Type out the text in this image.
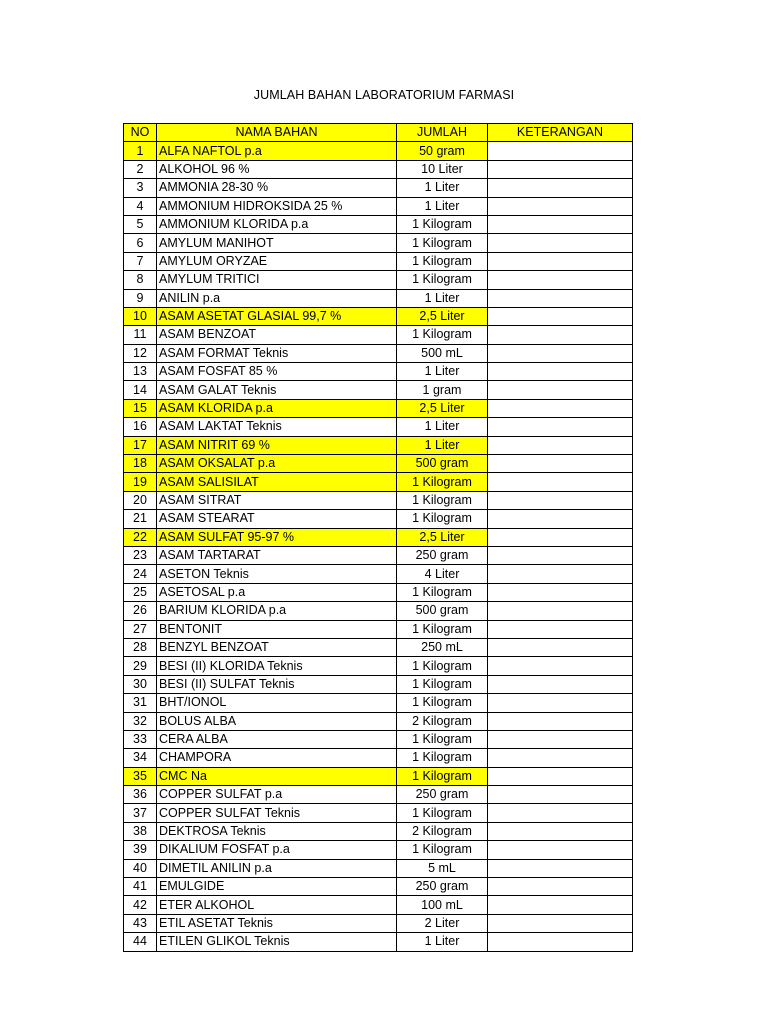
JUMLAH BAHAN LABORATORIUM FARMASI
NO	NAMA BAHAN	JUMLAH	KETERANGAN
1	ALFA NAFTOL p.a	50 gram	
2	ALKOHOL 96 %	10 Liter	
3	AMMONIA 28-30 %	1 Liter	
4	AMMONIUM HIDROKSIDA 25 %	1 Liter	
5	AMMONIUM KLORIDA p.a	1 Kilogram	
6	AMYLUM MANIHOT	1 Kilogram	
7	AMYLUM ORYZAE	1 Kilogram	
8	AMYLUM TRITICI	1 Kilogram	
9	ANILIN p.a	1 Liter	
10	ASAM ASETAT GLASIAL 99,7 %	2,5 Liter	
11	ASAM BENZOAT	1 Kilogram	
12	ASAM FORMAT Teknis	500 mL	
13	ASAM FOSFAT 85 %	1 Liter	
14	ASAM GALAT Teknis	1 gram	
15	ASAM KLORIDA p.a	2,5 Liter	
16	ASAM LAKTAT Teknis	1 Liter	
17	ASAM NITRIT 69 %	1 Liter	
18	ASAM OKSALAT p.a	500 gram	
19	ASAM SALISILAT	1 Kilogram	
20	ASAM SITRAT	1 Kilogram	
21	ASAM STEARAT	1 Kilogram	
22	ASAM SULFAT 95-97 %	2,5 Liter	
23	ASAM TARTARAT	250 gram	
24	ASETON Teknis	4 Liter	
25	ASETOSAL p.a	1 Kilogram	
26	BARIUM KLORIDA p.a	500 gram	
27	BENTONIT	1 Kilogram	
28	BENZYL BENZOAT	250 mL	
29	BESI (II) KLORIDA Teknis	1 Kilogram	
30	BESI (II) SULFAT Teknis	1 Kilogram	
31	BHT/IONOL	1 Kilogram	
32	BOLUS ALBA	2 Kilogram	
33	CERA ALBA	1 Kilogram	
34	CHAMPORA	1 Kilogram	
35	CMC Na	1 Kilogram	
36	COPPER SULFAT p.a	250 gram	
37	COPPER SULFAT Teknis	1 Kilogram	
38	DEKTROSA Teknis	2 Kilogram	
39	DIKALIUM FOSFAT p.a	1 Kilogram	
40	DIMETIL ANILIN p.a	5 mL	
41	EMULGIDE	250 gram	
42	ETER ALKOHOL	100 mL	
43	ETIL ASETAT Teknis	2 Liter	
44	ETILEN GLIKOL Teknis	1 Liter	
